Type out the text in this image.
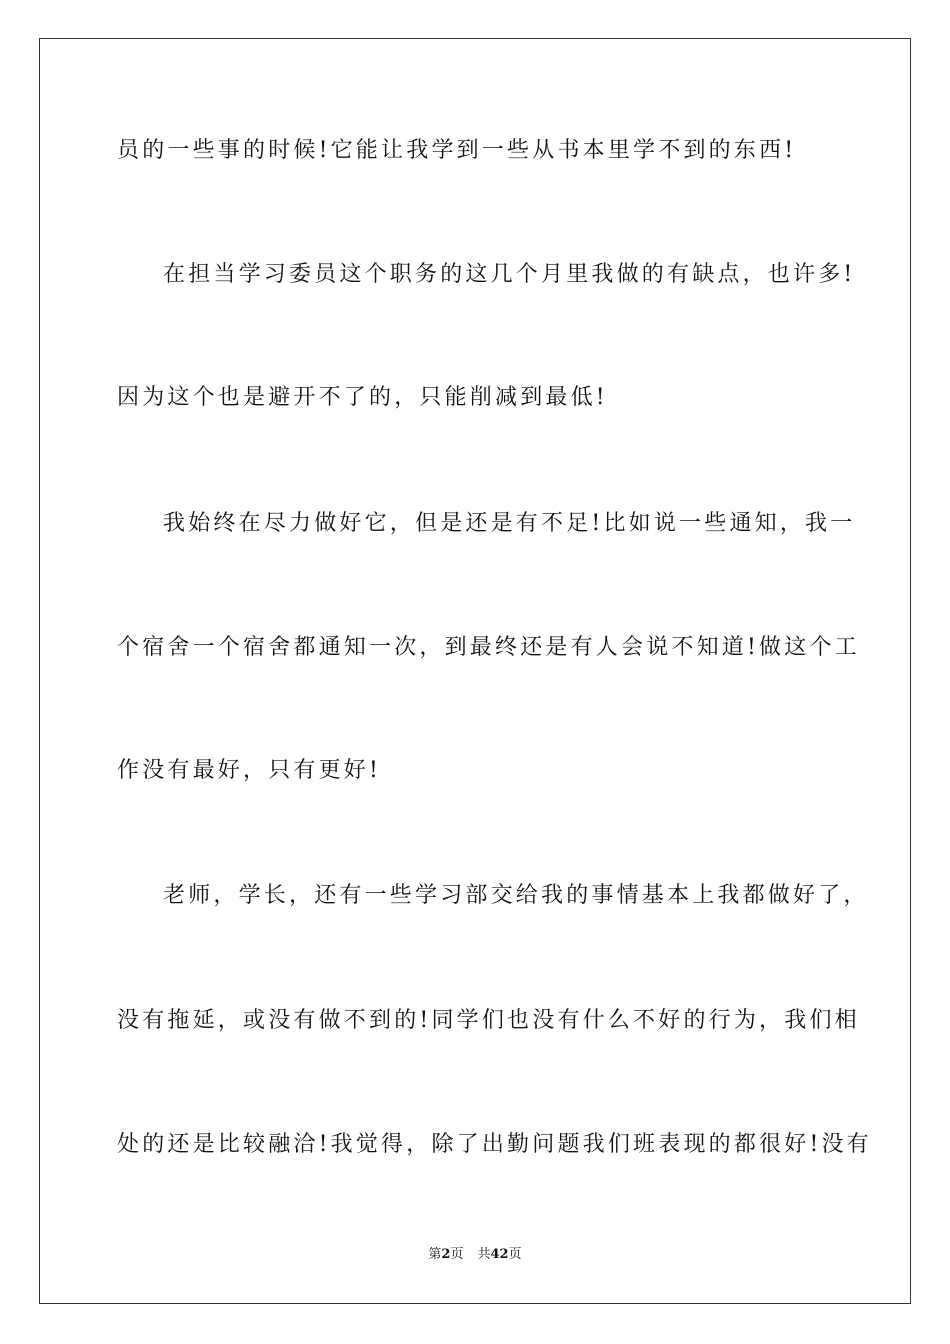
员的一些事的时候!它能让我学到一些从书本里学不到的东西!
在担当学习委员这个职务的这几个月里我做的有缺点，也许多!
因为这个也是避开不了的，只能削减到最低!
我始终在尽力做好它，但是还是有不足!比如说一些通知，我一
个宿舍一个宿舍都通知一次，到最终还是有人会说不知道!做这个工
作没有最好，只有更好!
老师，学长，还有一些学习部交给我的事情基本上我都做好了，
没有拖延，或没有做不到的!同学们也没有什么不好的行为，我们相
处的还是比较融洽!我觉得，除了出勤问题我们班表现的都很好!没有
第2页 共42页
